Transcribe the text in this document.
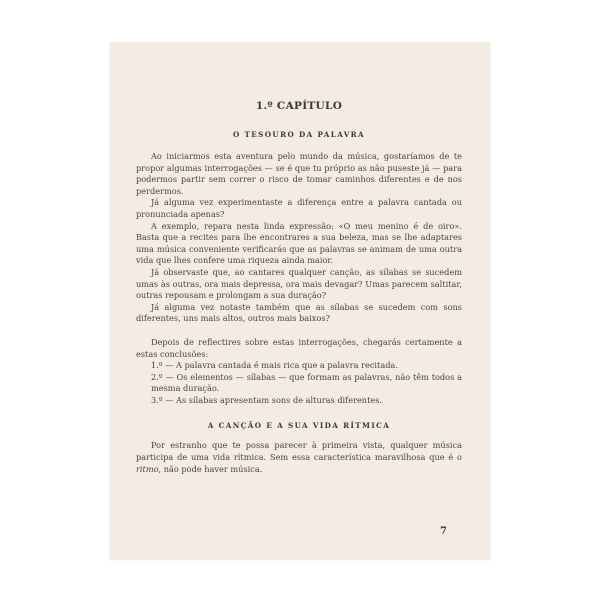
1.º CAPÍTULO
O TESOURO DA PALAVRA

Ao iniciarmos esta aventura pelo mundo da música, gostaríamos de te propor algumas interrogações — se é que tu próprio as não puseste já — para podermos partir sem correr o risco de tomar caminhos diferentes e de nos perdermos.

Já alguma vez experimentaste a diferença entre a palavra cantada ou pronunciada apenas?

A exemplo, repara nesta linda expressão: «O meu menino é de oiro». Basta que a recites para lhe encontrares a sua beleza, mas se lhe adaptares uma música conveniente verificarás que as palavras se animam de uma outra vida que lhes confere uma riqueza ainda maior.

Já observaste que, ao cantares qualquer canção, as sílabas se sucedem umas às outras, ora mais depressa, ora mais devagar? Umas parecem saltitar, outras repousam e prolongam a sua duração?

Já alguma vez notaste também que as sílabas se sucedem com sons diferentes, uns mais altos, outros mais baixos?

Depois de reflectires sobre estas interrogações, chegarás certamente a estas conclusões:

1.º — A palavra cantada é mais rica que a palavra recitada.

2.º — Os elementos — sílabas — que formam as palavras, não têm todos a mesma duração.

3.º — As sílabas apresentam sons de alturas diferentes.

A CANÇÃO E A SUA VIDA RÍTMICA

Por estranho que te possa parecer à primeira vista, qualquer música participa de uma vida rítmica. Sem essa característica maravilhosa que é o ritmo, não pode haver música.

7
